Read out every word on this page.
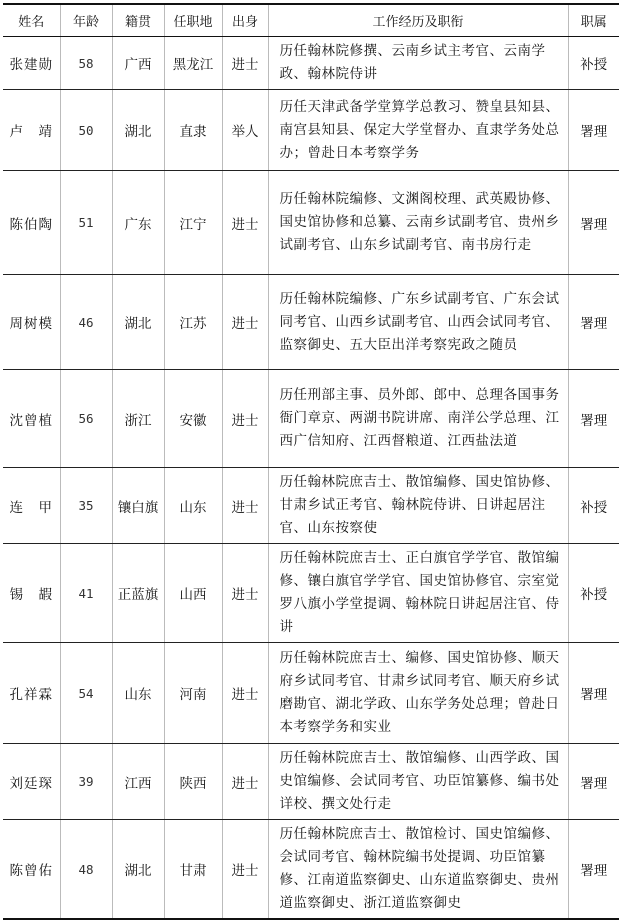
姓名	年龄	籍贯	任职地	出身	工作经历及职衔	职属
张建勋	58	广西	黑龙江	进士	历任翰林院修撰、云南乡试主考官、云南学政、翰林院侍讲	补授
卢　靖	50	湖北	直隶	举人	历任天津武备学堂算学总教习、赞皇县知县、南宫县知县、保定大学堂督办、直隶学务处总办；曾赴日本考察学务	署理
陈伯陶	51	广东	江宁	进士	历任翰林院编修、文渊阁校理、武英殿协修、国史馆协修和总纂、云南乡试副考官、贵州乡试副考官、山东乡试副考官、南书房行走	署理
周树模	46	湖北	江苏	进士	历任翰林院编修、广东乡试副考官、广东会试同考官、山西乡试副考官、山西会试同考官、监察御史、五大臣出洋考察宪政之随员	署理
沈曾植	56	浙江	安徽	进士	历任刑部主事、员外郎、郎中、总理各国事务衙门章京、两湖书院讲席、南洋公学总理、江西广信知府、江西督粮道、江西盐法道	署理
连　甲	35	镶白旗	山东	进士	历任翰林院庶吉士、散馆编修、国史馆协修、甘肃乡试正考官、翰林院侍讲、日讲起居注官、山东按察使	补授
锡　嘏	41	正蓝旗	山西	进士	历任翰林院庶吉士、正白旗官学学官、散馆编修、镶白旗官学学官、国史馆协修官、宗室觉罗八旗小学堂提调、翰林院日讲起居注官、侍讲	补授
孔祥霖	54	山东	河南	进士	历任翰林院庶吉士、编修、国史馆协修、顺天府乡试同考官、甘肃乡试同考官、顺天府乡试磨勘官、湖北学政、山东学务处总理；曾赴日本考察学务和实业	署理
刘廷琛	39	江西	陕西	进士	历任翰林院庶吉士、散馆编修、山西学政、国史馆编修、会试同考官、功臣馆纂修、编书处详校、撰文处行走	署理
陈曾佑	48	湖北	甘肃	进士	历任翰林院庶吉士、散馆检讨、国史馆编修、会试同考官、翰林院编书处提调、功臣馆纂修、江南道监察御史、山东道监察御史、贵州道监察御史、浙江道监察御史	署理
